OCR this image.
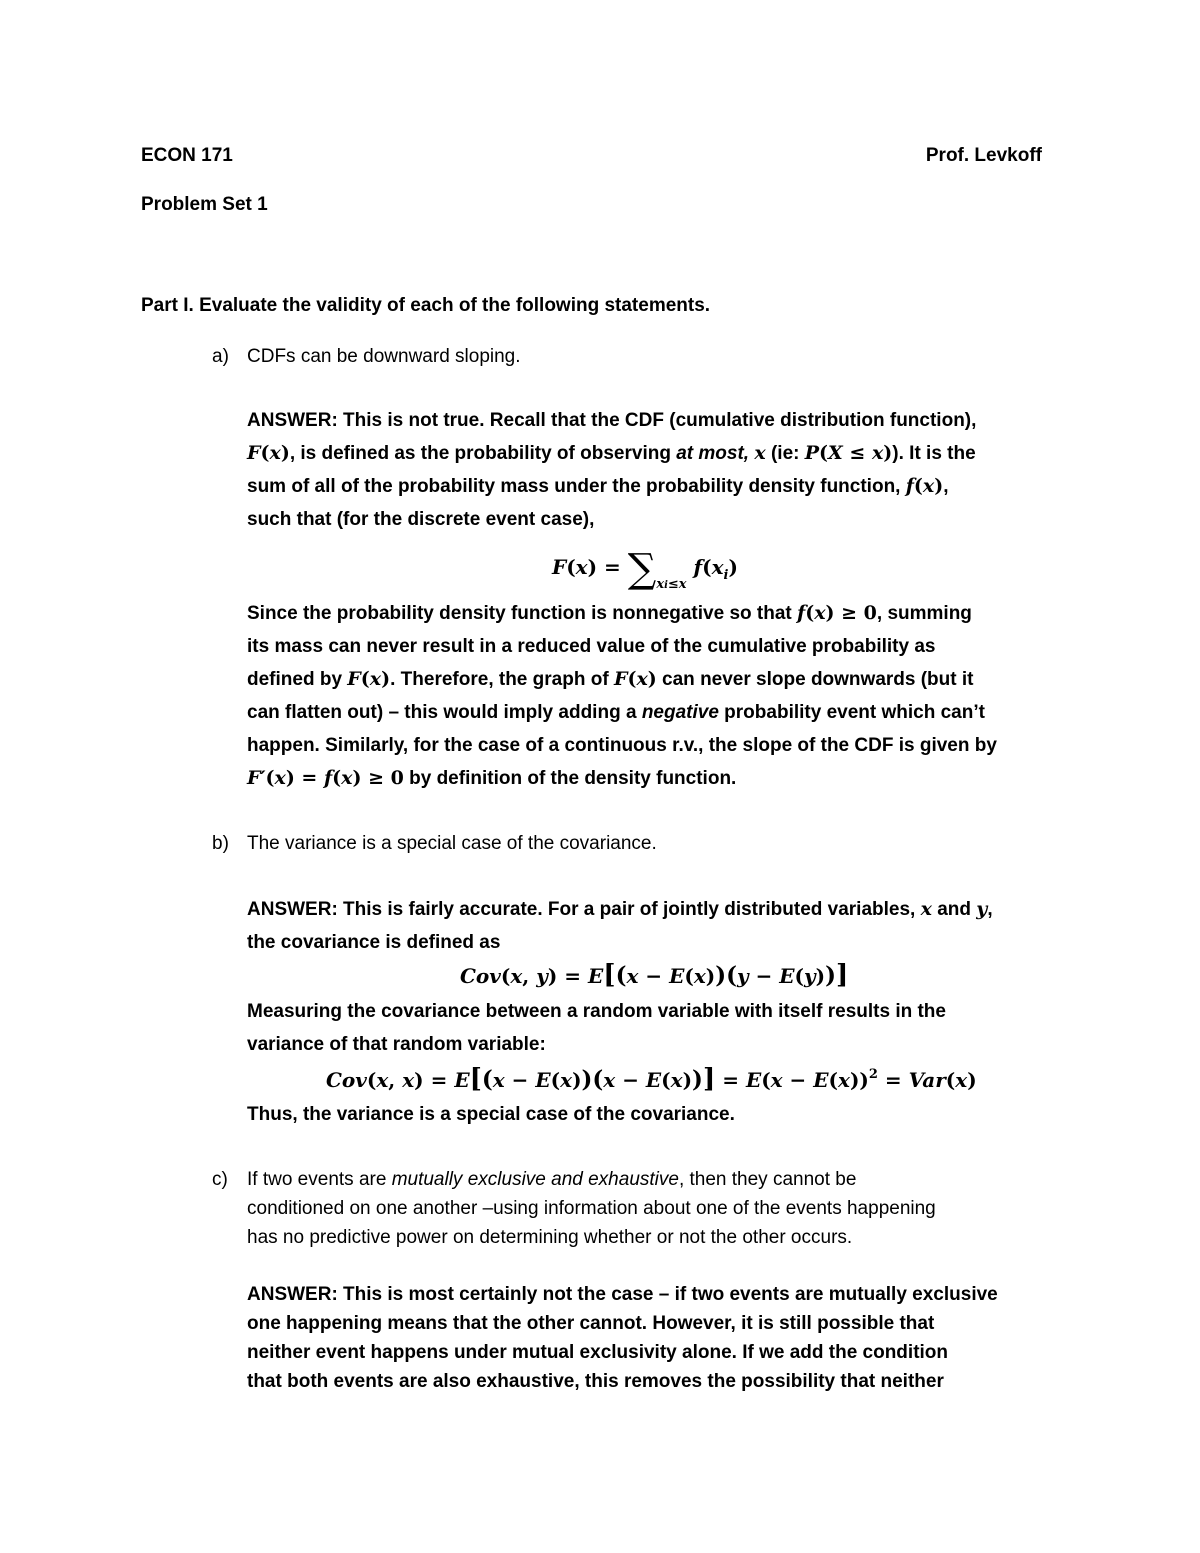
ECON 171	Prof. Levkoff
Problem Set 1
Part I. Evaluate the validity of each of the following statements.
a) CDFs can be downward sloping.
ANSWER: This is not true. Recall that the CDF (cumulative distribution function),
F(x), is defined as the probability of observing at most, x (ie: P(X ≤ x)). It is the
sum of all of the probability mass under the probability density function, f(x),
such that (for the discrete event case),
$F(x) = \sum_{xi\le x}$ $f(x_i)$
Since the probability density function is nonnegative so that f(x) ≥ 0, summing
its mass can never result in a reduced value of the cumulative probability as
defined by F(x). Therefore, the graph of F(x) can never slope downwards (but it
can flatten out) – this would imply adding a negative probability event which can’t
happen. Similarly, for the case of a continuous r.v., the slope of the CDF is given by
F′(x) = f(x) ≥ 0 by definition of the density function.
b) The variance is a special case of the covariance.
ANSWER: This is fairly accurate. For a pair of jointly distributed variables, x and y,
the covariance is defined as
Cov(x, y) = E[(x − E(x))(y − E(y))]
Measuring the covariance between a random variable with itself results in the
variance of that random variable:
Cov(x, $x) = E[(x - E(x))(x - E(x))] = E(x - E(x))^2 = Var(x)$
Thus, the variance is a special case of the covariance.
c) If two events are mutually exclusive and exhaustive, then they cannot be
conditioned on one another –using information about one of the events happening
has no predictive power on determining whether or not the other occurs.
ANSWER: This is most certainly not the case – if two events are mutually exclusive
one happening means that the other cannot. However, it is still possible that
neither event happens under mutual exclusivity alone. If we add the condition
that both events are also exhaustive, this removes the possibility that neither
